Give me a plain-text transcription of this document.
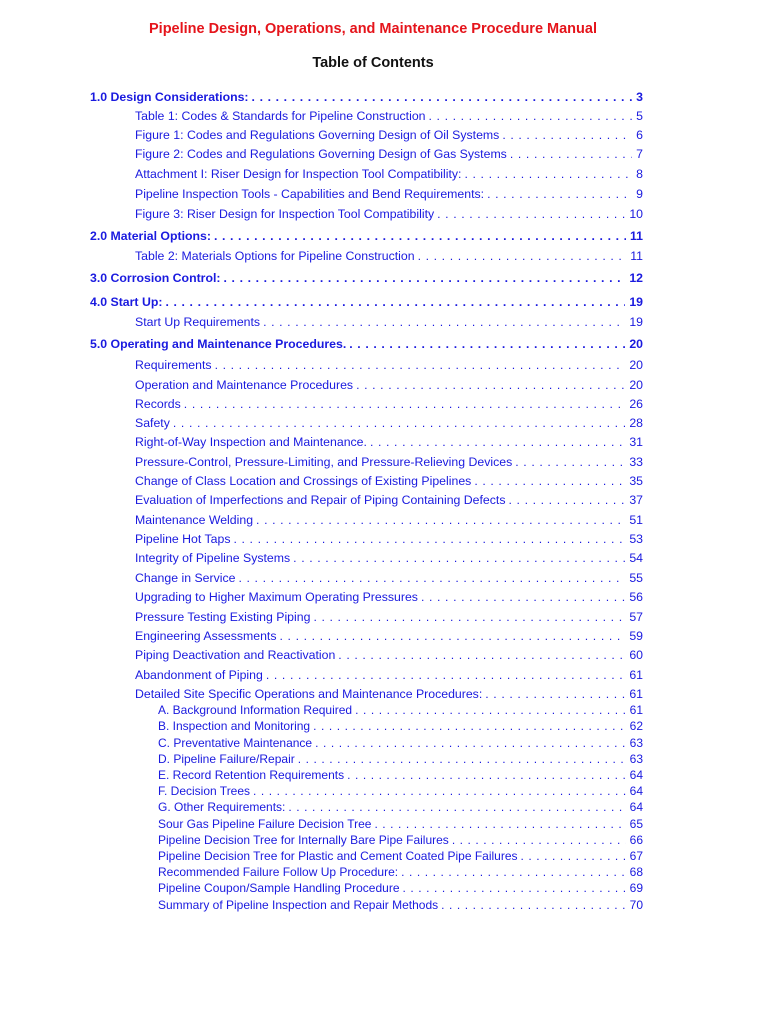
Pipeline Design, Operations, and Maintenance Procedure Manual
Table of Contents
1.0 Design Considerations: . . .	3
Table 1: Codes & Standards for Pipeline Construction . . .	5
Figure 1: Codes and Regulations Governing Design of Oil Systems . . .	6
Figure 2: Codes and Regulations Governing Design of Gas Systems . . .	7
Attachment I: Riser Design for Inspection Tool Compatibility: . . .	8
Pipeline Inspection Tools - Capabilities and Bend Requirements: . . .	9
Figure 3: Riser Design for Inspection Tool Compatibility . . .	10
2.0 Material Options: . . .	11
Table 2: Materials Options for Pipeline Construction . . .	11
3.0 Corrosion Control: . . .	12
4.0 Start Up: . . .	19
Start Up Requirements . . .	19
5.0 Operating and Maintenance Procedures. . . .	20
Requirements . . .	20
Operation and Maintenance Procedures . . .	20
Records . . .	26
Safety . . .	28
Right-of-Way Inspection and Maintenance. . . .	31
Pressure-Control, Pressure-Limiting, and Pressure-Relieving Devices . . .	33
Change of Class Location and Crossings of Existing Pipelines . . .	35
Evaluation of Imperfections and Repair of Piping Containing Defects . . .	37
Maintenance Welding . . .	51
Pipeline Hot Taps . . .	53
Integrity of Pipeline Systems . . .	54
Change in Service . . .	55
Upgrading to Higher Maximum Operating Pressures . . .	56
Pressure Testing Existing Piping . . .	57
Engineering Assessments . . .	59
Piping Deactivation and Reactivation . . .	60
Abandonment of Piping . . .	61
Detailed Site Specific Operations and Maintenance Procedures: . . .	61
A. Background Information Required . . .	61
B. Inspection and Monitoring . . .	62
C. Preventative Maintenance . . .	63
D. Pipeline Failure/Repair . . .	63
E. Record Retention Requirements . . .	64
F. Decision Trees . . .	64
G. Other Requirements: . . .	64
Sour Gas Pipeline Failure Decision Tree . . .	65
Pipeline Decision Tree for Internally Bare Pipe Failures . . .	66
Pipeline Decision Tree for Plastic and Cement Coated Pipe Failures . . .	67
Recommended Failure Follow Up Procedure: . . .	68
Pipeline Coupon/Sample Handling Procedure . . .	69
Summary of Pipeline Inspection and Repair Methods . . .	70
